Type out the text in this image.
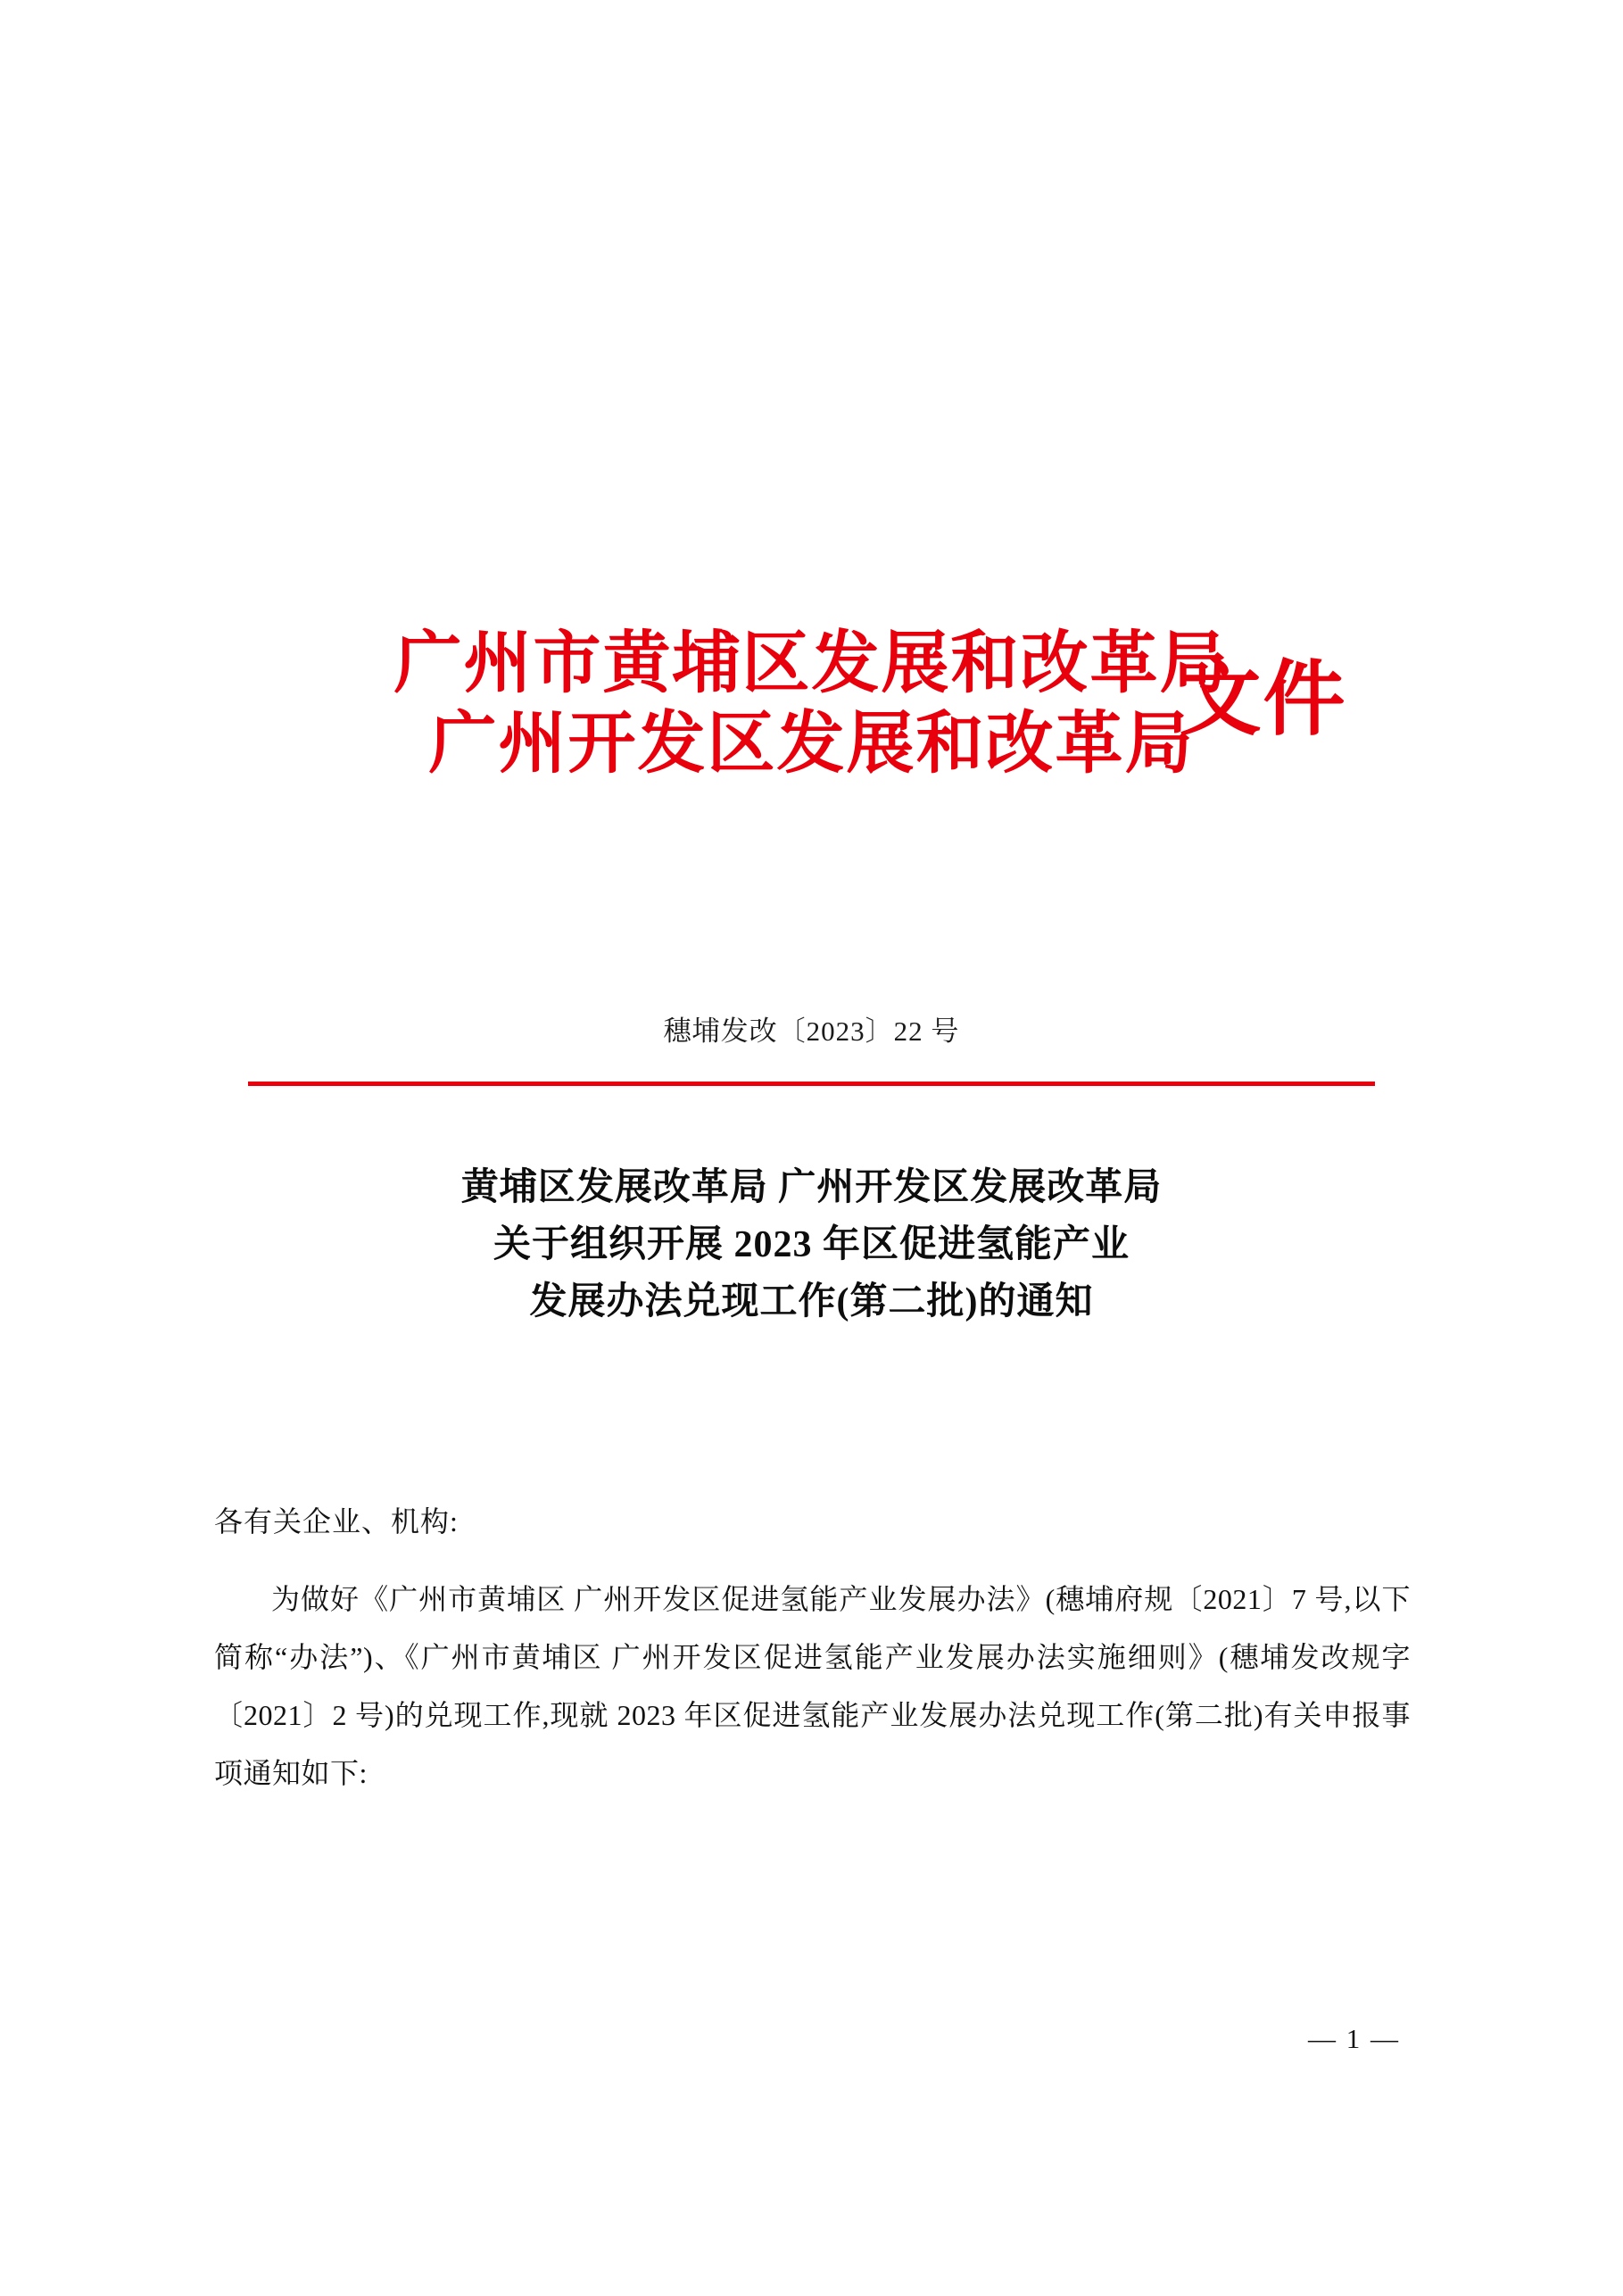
广州市黄埔区发展和改革局
广州开发区发展和改革局
文件
穗埔发改〔2023〕22 号
黄埔区发展改革局 广州开发区发展改革局
关于组织开展 2023 年区促进氢能产业
发展办法兑现工作(第二批)的通知
各有关企业、机构:

为做好《广州市黄埔区 广州开发区促进氢能产业发展办法》(穗埔府规〔2021〕7 号,以下简称“办法”)、《广州市黄埔区 广州开发区促进氢能产业发展办法实施细则》(穗埔发改规字〔2021〕2 号)的兑现工作,现就 2023 年区促进氢能产业发展办法兑现工作(第二批)有关申报事项通知如下:

— 1 —
